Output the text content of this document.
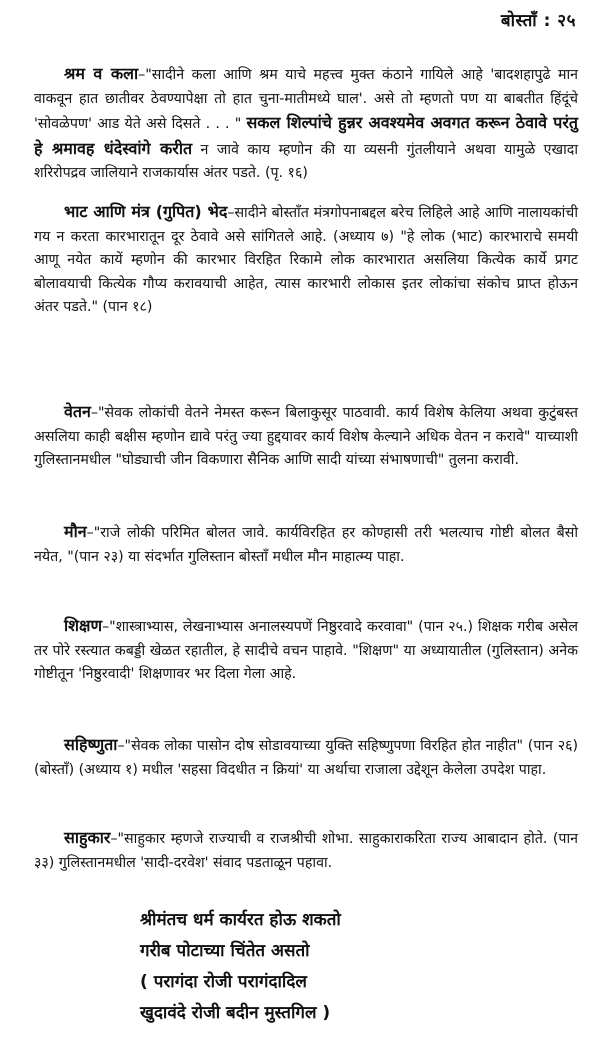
बोस्ताँ : २५

श्रम व कला–"सादीने कला आणि श्रम याचे महत्त्व मुक्त कंठाने गायिले आहे 'बादशहापुढे मान वाकवून हात छातीवर ठेवण्यापेक्षा तो हात चुना-मातीमध्ये घाल'. असे तो म्हणतो पण या बाबतीत हिंदूंचे 'सोवळेपण' आड येते असे दिसते . . . " सकल शिल्पांचे हुन्नर अवश्यमेव अवगत करून ठेवावे परंतु हे श्रमावह धंदेस्वांगे करीत न जावे काय म्हणोन की या व्यसनी गुंतलीयाने अथवा यामुळे एखादा शरिरोपद्रव जालियाने राजकार्यास अंतर पडते. (पृ. १६)

भाट आणि मंत्र (गुपित) भेद–सादीने बोस्ताँत मंत्रगोपनाबद्दल बरेच लिहिले आहे आणि नालायकांची गय न करता कारभारातून दूर ठेवावे असे सांगितले आहे. (अध्याय ७) "हे लोक (भाट) कारभाराचे समयी आणू नयेत कायें म्हणोन की कारभार विरहित रिकामे लोक कारभारात असलिया कित्येक कार्ये प्रगट बोलावयाची कित्येक गौप्य करावयाची आहेत, त्यास कारभारी लोकास इतर लोकांचा संकोच प्राप्त होऊन अंतर पडते." (पान १८)

वेतन–"सेवक लोकांची वेतने नेमस्त करून बिलाकुसूर पाठवावी. कार्य विशेष केलिया अथवा कुटुंबस्त असलिया काही बक्षीस म्हणोन द्यावे परंतु ज्या हुद्दयावर कार्य विशेष केल्याने अधिक वेतन न करावे" याच्याशी गुलिस्तानमधील "घोड्याची जीन विकणारा सैनिक आणि सादी यांच्या संभाषणाची" तुलना करावी.

मौन–"राजे लोकी परिमित बोलत जावे. कार्यविरहित हर कोण्हासी तरी भलत्याच गोष्टी बोलत बैसो नयेत, "(पान २३) या संदर्भात गुलिस्तान बोस्ताँ मधील मौन माहात्म्य पाहा.

शिक्षण–"शास्त्राभ्यास, लेखनाभ्यास अनालस्यपणें निष्ठुरवादे करवावा" (पान २५.) शिक्षक गरीब असेल तर पोरे रस्त्यात कबड्डी खेळत रहातील, हे सादीचे वचन पाहावे. "शिक्षण" या अध्यायातील (गुलिस्तान) अनेक गोष्टीतून 'निष्ठुरवादी' शिक्षणावर भर दिला गेला आहे.

सहिष्णुता–"सेवक लोका पासोन दोष सोडावयाच्या युक्ति सहिष्णुपणा विरहित होत नाहीत" (पान २६) (बोस्ताँ) (अध्याय १) मधील 'सहसा विदधीत न क्रियां' या अर्थाचा राजाला उद्देशून केलेला उपदेश पाहा.

साहुकार–"साहुकार म्हणजे राज्याची व राजश्रीची शोभा. साहुकाराकरिता राज्य आबादान होते. (पान ३३) गुलिस्तानमधील 'सादी-दरवेश' संवाद पडताळून पहावा.

श्रीमंतच धर्म कार्यरत होऊ शकतो
गरीब पोटाच्या चिंतेत असतो
( परागंदा रोजी परागंदादिल
खुदावंदे रोजी बदीन मुस्तगिल )
